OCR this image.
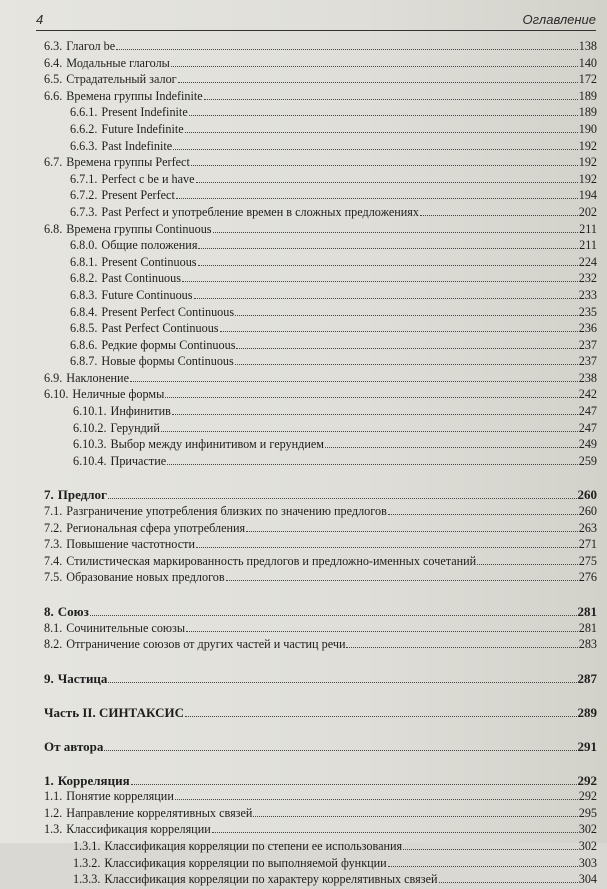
4	Оглавление
6.3. Глагол be	138
6.4. Модальные глаголы	140
6.5. Страдательный залог	172
6.6. Времена группы Indefinite	189
6.6.1. Present Indefinite	189
6.6.2. Future Indefinite	190
6.6.3. Past Indefinite	192
6.7. Времена группы Perfect	192
6.7.1. Perfect с be и have	192
6.7.2. Present Perfect	194
6.7.3. Past Perfect и употребление времен в сложных предложениях	202
6.8. Времена группы Continuous	211
6.8.0. Общие положения	211
6.8.1. Present Continuous	224
6.8.2. Past Continuous	232
6.8.3. Future Continuous	233
6.8.4. Present Perfect Continuous	235
6.8.5. Past Perfect Continuous	236
6.8.6. Редкие формы Continuous	237
6.8.7. Новые формы Continuous	237
6.9. Наклонение	238
6.10. Неличные формы	242
6.10.1. Инфинитив	247
6.10.2. Герундий	247
6.10.3. Выбор между инфинитивом и герундием	249
6.10.4. Причастие	259
7. Предлог	260
7.1. Разграничение употребления близких по значению предлогов	260
7.2. Региональная сфера употребления	263
7.3. Повышение частотности	271
7.4. Стилистическая маркированность предлогов и предложно-именных сочетаний	275
7.5. Образование новых предлогов	276
8. Союз	281
8.1. Сочинительные союзы	281
8.2. Отграничение союзов от других частей и частиц речи	283
9. Частица	287
Часть II. СИНТАКСИС	289
От автора	291
1. Корреляция	292
1.1. Понятие корреляции	292
1.2. Направление коррелятивных связей	295
1.3. Классификация корреляции	302
1.3.1. Классификация корреляции по степени ее использования	302
1.3.2. Классификация корреляции по выполняемой функции	303
1.3.3. Классификация корреляции по характеру коррелятивных связей	304
